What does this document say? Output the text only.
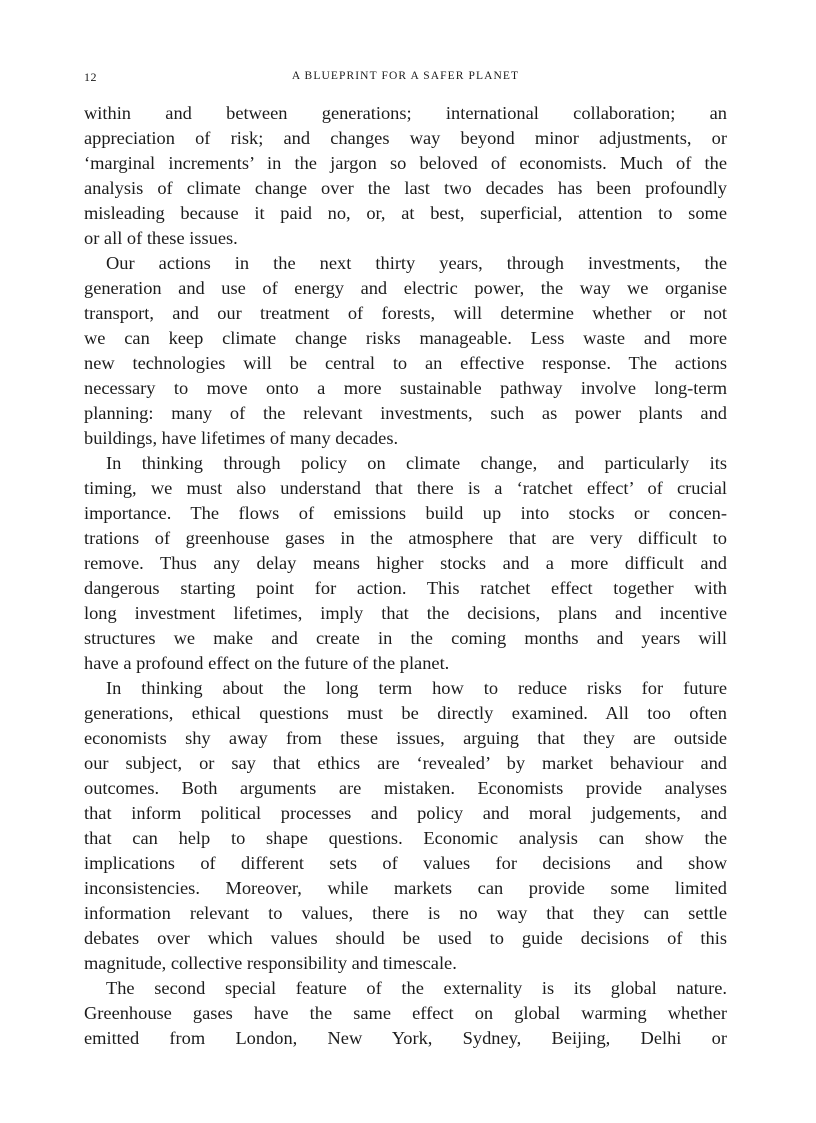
12	A BLUEPRINT FOR A SAFER PLANET
within and between generations; international collaboration; an
appreciation of risk; and changes way beyond minor adjustments, or
‘marginal increments’ in the jargon so beloved of economists. Much of the
analysis of climate change over the last two decades has been profoundly
misleading because it paid no, or, at best, superficial, attention to some
or all of these issues.
Our actions in the next thirty years, through investments, the
generation and use of energy and electric power, the way we organise
transport, and our treatment of forests, will determine whether or not
we can keep climate change risks manageable. Less waste and more
new technologies will be central to an effective response. The actions
necessary to move onto a more sustainable pathway involve long-term
planning: many of the relevant investments, such as power plants and
buildings, have lifetimes of many decades.
In thinking through policy on climate change, and particularly its
timing, we must also understand that there is a ‘ratchet effect’ of crucial
importance. The flows of emissions build up into stocks or concen-
trations of greenhouse gases in the atmosphere that are very difficult to
remove. Thus any delay means higher stocks and a more difficult and
dangerous starting point for action. This ratchet effect together with
long investment lifetimes, imply that the decisions, plans and incentive
structures we make and create in the coming months and years will
have a profound effect on the future of the planet.
In thinking about the long term how to reduce risks for future
generations, ethical questions must be directly examined. All too often
economists shy away from these issues, arguing that they are outside
our subject, or say that ethics are ‘revealed’ by market behaviour and
outcomes. Both arguments are mistaken. Economists provide analyses
that inform political processes and policy and moral judgements, and
that can help to shape questions. Economic analysis can show the
implications of different sets of values for decisions and show
inconsistencies. Moreover, while markets can provide some limited
information relevant to values, there is no way that they can settle
debates over which values should be used to guide decisions of this
magnitude, collective responsibility and timescale.
The second special feature of the externality is its global nature.
Greenhouse gases have the same effect on global warming whether
emitted from London, New York, Sydney, Beijing, Delhi or
